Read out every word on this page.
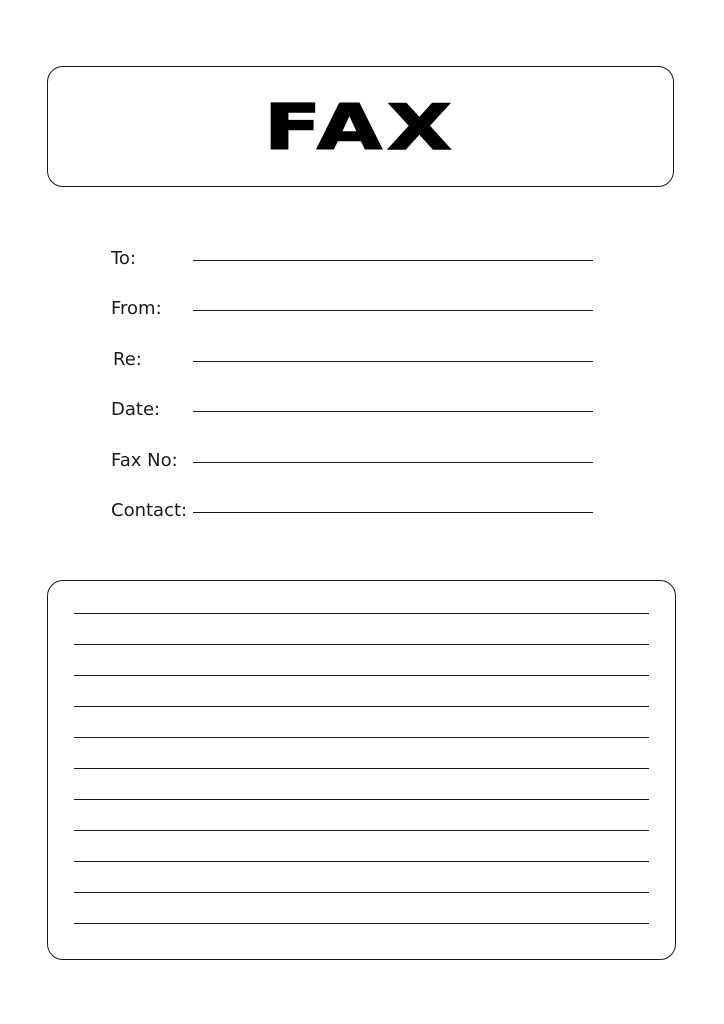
FAX
To:
From:
Re:
Date:
Fax No:
Contact:
